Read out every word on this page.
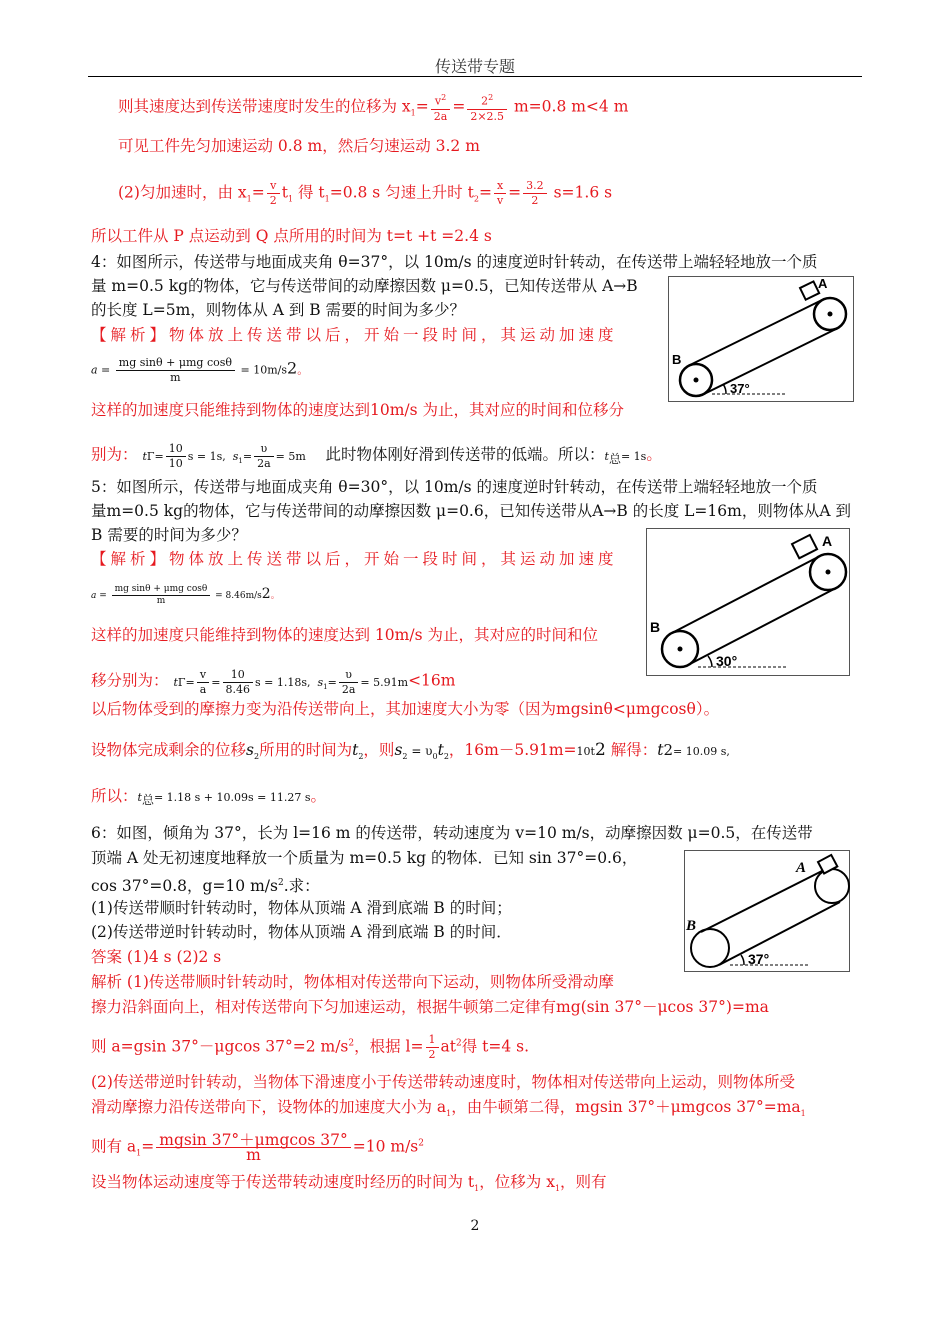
传送带专题
则其速度达到传送带速度时发生的位移为 $x_1= \frac{v^2}{2a} = \frac{2^2}{2\times 2.5} m=0.8$ m<4 m
可见工件先匀加速运动 0.8 m，然后匀速运动 3.2 m
(2)匀加速时，由 $x_1= \frac{v}{2} t_1$ 得 $t_1=0.8$ s 匀速上升时 $t_2= \frac{x}{v} = \frac{3.2}{2} s=1.6$ s
所以工件从 P 点运动到 Q 点所用的时间为 t=t +t =2.4 s
4：如图所示，传送带与地面成夹角 θ=37°，以 10m/s 的速度逆时针转动，在传送带上端轻轻地放一个质
量 m=0.5 kg的物体，它与传送带间的动摩擦因数 μ=0.5，已知传送带从 A→B
的长度 L=5m，则物体从 A 到 B 需要的时间为多少？
【解析】物体放上传送带以后，开始一段时间，其运动加速度
$a = \frac{\text{mg sinθ + μmg cosθ}}{m} = 10m/s2$。
这样的加速度只能维持到物体的速度达到10m/s 为止，其对应的时间和位移分
别为： $t\Gamma= \frac{10}{10}$ s = 1s, $s_1= \frac{\upsilon}{2a} = 5m$ 此时物体刚好滑到传送带的低端。所以：$t_总= 1s$。
A
B
37°
5：如图所示，传送带与地面成夹角 θ=30°，以 10m/s 的速度逆时针转动，在传送带上端轻轻地放一个质
量m=0.5 kg的物体，它与传送带间的动摩擦因数 μ=0.6，已知传送带从A→B 的长度 L=16m，则物体从A 到
B 需要的时间为多少？
【解析】物体放上传送带以后，开始一段时间，其运动加速度
$a = \frac{\text{mg sinθ + μmg cosθ}}{m} = 8.46m/s2$。
这样的加速度只能维持到物体的速度达到 10m/s 为止，其对应的时间和位
移分别为： $t\Gamma= \frac{v}{a} = \frac{10}{8.46}$ s = 1.18s, $s_1= \frac{\upsilon}{2a} = 5.91m<16m$
以后物体受到的摩擦力变为沿传送带向上，其加速度大小为零（因为mgsinθ<μmgcosθ）。
设物体完成剩余的位移$s_2$所用的时间为$t_2$，则$s_2 = \upsilon_0t_2$，16m－5.91m=10t2 解得：t2= 10.09 s,
所以：$t_总= 1.18$ s + 10.09s = 11.27 s。
A
B
30°
6：如图，倾角为 37°，长为 l=16 m 的传送带，转动速度为 v=10 m/s，动摩擦因数 μ=0.5，在传送带
顶端 A 处无初速度地释放一个质量为 m=0.5 kg 的物体．已知 sin 37°=0.6，
cos 37°=0.8，g=10 $m/s^2$.求：
(1)传送带顺时针转动时，物体从顶端 A 滑到底端 B 的时间；
(2)传送带逆时针转动时，物体从顶端 A 滑到底端 B 的时间．
答案 (1)4 s (2)2 s
解析 (1)传送带顺时针转动时，物体相对传送带向下运动，则物体所受滑动摩
擦力沿斜面向上，相对传送带向下匀加速运动，根据牛顿第二定律有mg(sin 37°－μcos 37°)=ma
则 a=gsin 37°－μgcos 37°=2 $m/s^2$，根据 $l= \frac{1}{2} at^2$得 t=4 s.
(2)传送带逆时针转动，当物体下滑速度小于传送带转动速度时，物体相对传送带向上运动，则物体所受
滑动摩擦力沿传送带向下，设物体的加速度大小为 $a_1$，由牛顿第二得，mgsin 37°＋μmgcos $37^\circ=ma_1$
则有 $a_1= \frac{\text{mgsin 37°＋μmgcos 37°}}{m} =10$ $m/s^2$
设当物体运动速度等于传送带转动速度时经历的时间为 $t_1$，位移为 $x_1$，则有
A
B
37°
2
